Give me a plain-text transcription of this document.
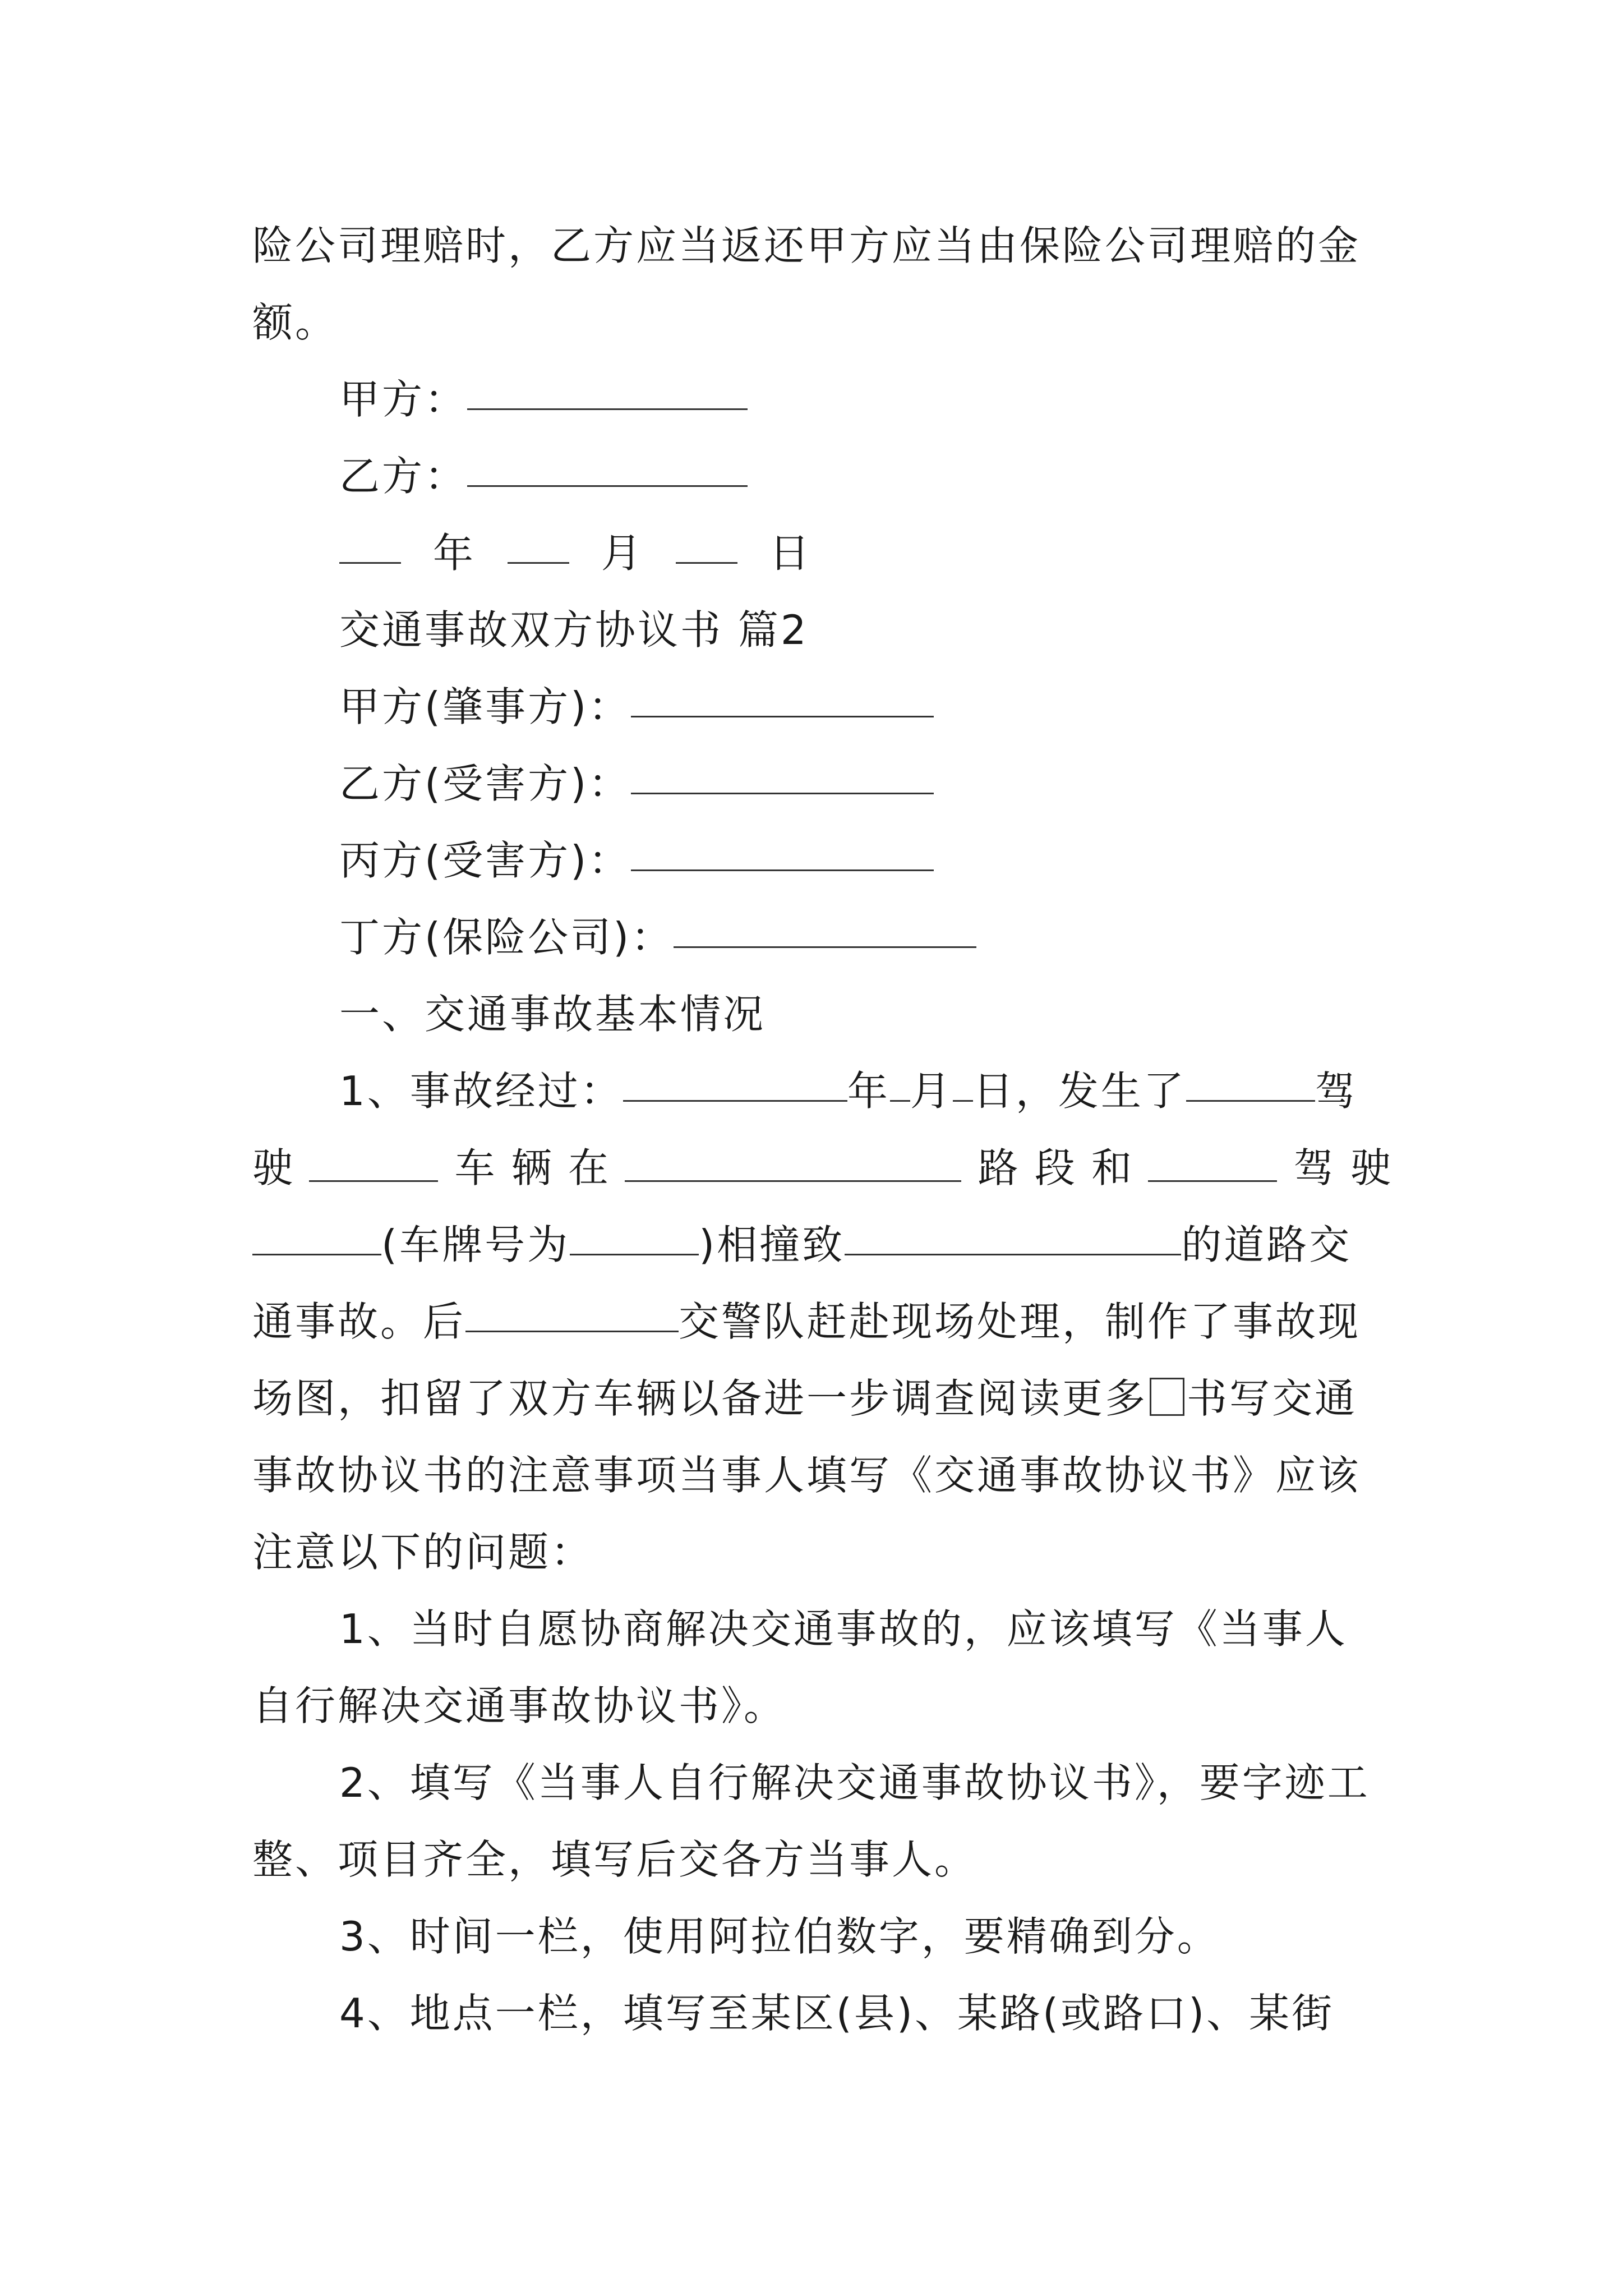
险公司理赔时，乙方应当返还甲方应当由保险公司理赔的金
额。
甲方：
乙方：
年	月	日
交通事故双方协议书 篇2
甲方(肇事方)：
乙方(受害方)：
丙方(受害方)：
丁方(保险公司)：
一、交通事故基本情况
1、事故经过：	年 月 日，发生了	驾
驶	车 辆 在	路 段 和	驾 驶
(车牌号为	)相撞致	的道路交
通事故。后	交警队赶赴现场处理，制作了事故现
场图，扣留了双方车辆以备进一步调查阅读更多 书写交通
事故协议书的注意事项当事人填写《交通事故协议书》应该
注意以下的问题：
1、当时自愿协商解决交通事故的，应该填写《当事人
自行解决交通事故协议书》。
2、填写《当事人自行解决交通事故协议书》，要字迹工
整、项目齐全，填写后交各方当事人。
3、时间一栏，使用阿拉伯数字，要精确到分。
4、地点一栏，填写至某区(县)、某路(或路口)、某街
